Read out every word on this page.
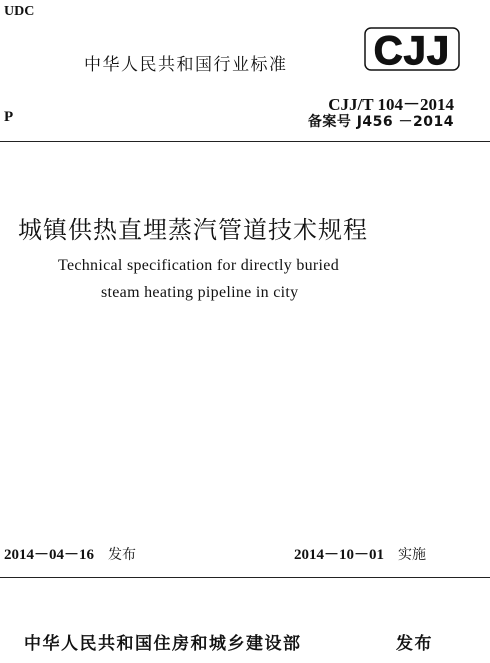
UDC
中华人民共和国行业标准 CJJ
CJJ/T 104－2014
P	备案号 J456 －2014
城镇供热直埋蒸汽管道技术规程
Technical specification for directly buried
steam heating pipeline in city
2014－04－16 发布	2014－10－01 实施
中华人民共和国住房和城乡建设部	发布
